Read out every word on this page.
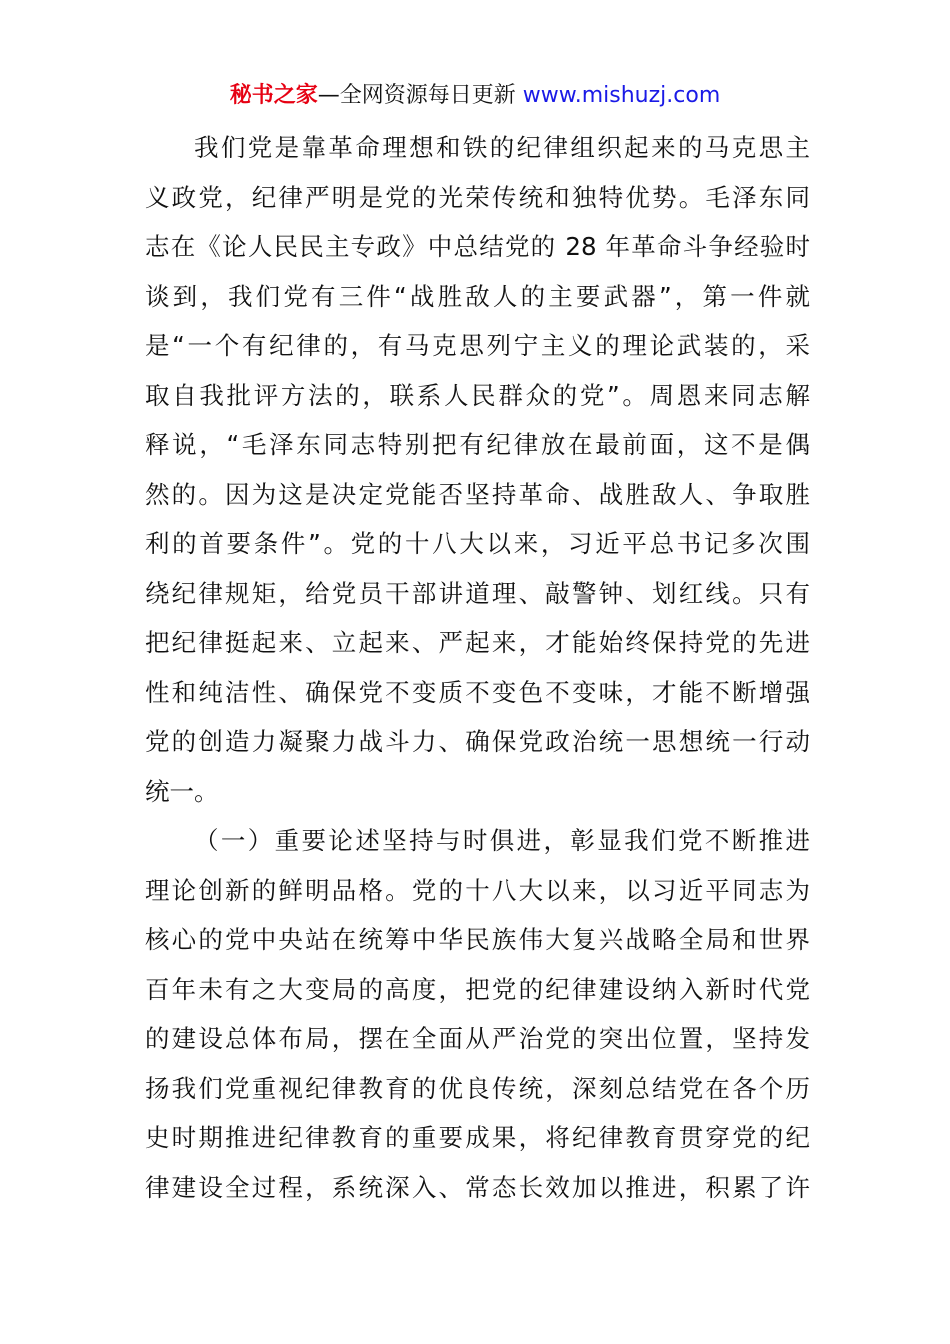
秘书之家—全网资源每日更新 www.mishuzj.com
我们党是靠革命理想和铁的纪律组织起来的马克思主
义政党，纪律严明是党的光荣传统和独特优势。毛泽东同
志在《论人民民主专政》中总结党的 28 年革命斗争经验时
谈到，我们党有三件“战胜敌人的主要武器”，第一件就
是“一个有纪律的，有马克思列宁主义的理论武装的，采
取自我批评方法的，联系人民群众的党”。周恩来同志解
释说，“毛泽东同志特别把有纪律放在最前面，这不是偶
然的。因为这是决定党能否坚持革命、战胜敌人、争取胜
利的首要条件”。党的十八大以来，习近平总书记多次围
绕纪律规矩，给党员干部讲道理、敲警钟、划红线。只有
把纪律挺起来、立起来、严起来，才能始终保持党的先进
性和纯洁性、确保党不变质不变色不变味，才能不断增强
党的创造力凝聚力战斗力、确保党政治统一思想统一行动
统一。
（一）重要论述坚持与时俱进，彰显我们党不断推进
理论创新的鲜明品格。党的十八大以来，以习近平同志为
核心的党中央站在统筹中华民族伟大复兴战略全局和世界
百年未有之大变局的高度，把党的纪律建设纳入新时代党
的建设总体布局，摆在全面从严治党的突出位置，坚持发
扬我们党重视纪律教育的优良传统，深刻总结党在各个历
史时期推进纪律教育的重要成果，将纪律教育贯穿党的纪
律建设全过程，系统深入、常态长效加以推进，积累了许
